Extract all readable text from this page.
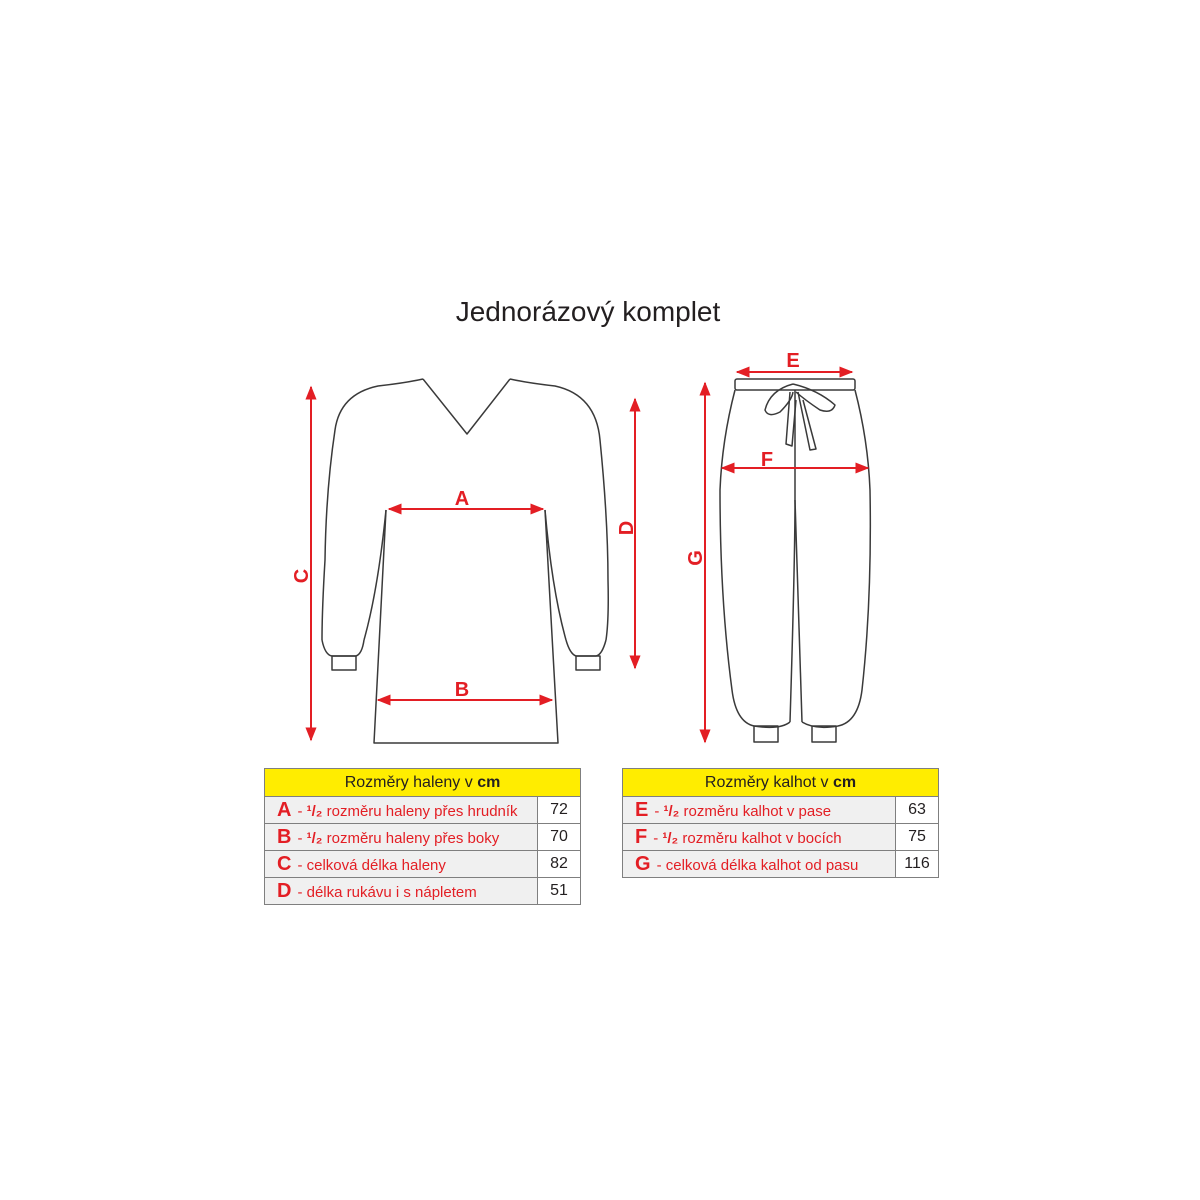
Jednorázový komplet
A
B
C
D
E
F
G
Rozměry haleny v cm	
A - ¹/₂ rozměru haleny přes hrudník	72
B - ¹/₂ rozměru haleny přes boky	70
C - celková délka haleny	82
D - délka rukávu i s nápletem	51
Rozměry kalhot v cm	
E - ¹/₂ rozměru kalhot v pase	63
F - ¹/₂ rozměru kalhot v bocích	75
G - celková délka kalhot od pasu	116
